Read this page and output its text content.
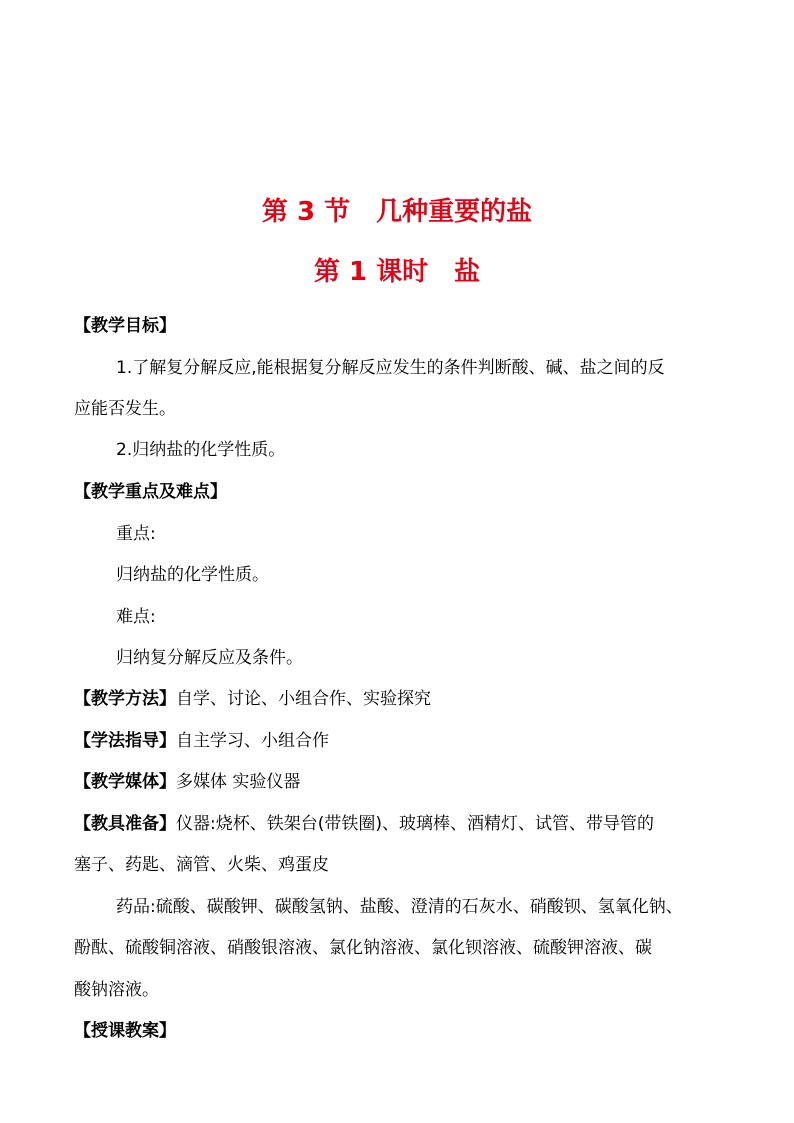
第 3 节　几种重要的盐
第 1 课时　盐
【教学目标】
1.了解复分解反应,能根据复分解反应发生的条件判断酸、碱、盐之间的反
应能否发生。
2.归纳盐的化学性质。
【教学重点及难点】
重点:
归纳盐的化学性质。
难点:
归纳复分解反应及条件。
【教学方法】自学、讨论、小组合作、实验探究
【学法指导】自主学习、小组合作
【教学媒体】多媒体 实验仪器
【教具准备】仪器:烧杯、铁架台(带铁圈)、玻璃棒、酒精灯、试管、带导管的
塞子、药匙、滴管、火柴、鸡蛋皮
药品:硫酸、碳酸钾、碳酸氢钠、盐酸、澄清的石灰水、硝酸钡、氢氧化钠、
酚酞、硫酸铜溶液、硝酸银溶液、氯化钠溶液、氯化钡溶液、硫酸钾溶液、碳
酸钠溶液。
【授课教案】
